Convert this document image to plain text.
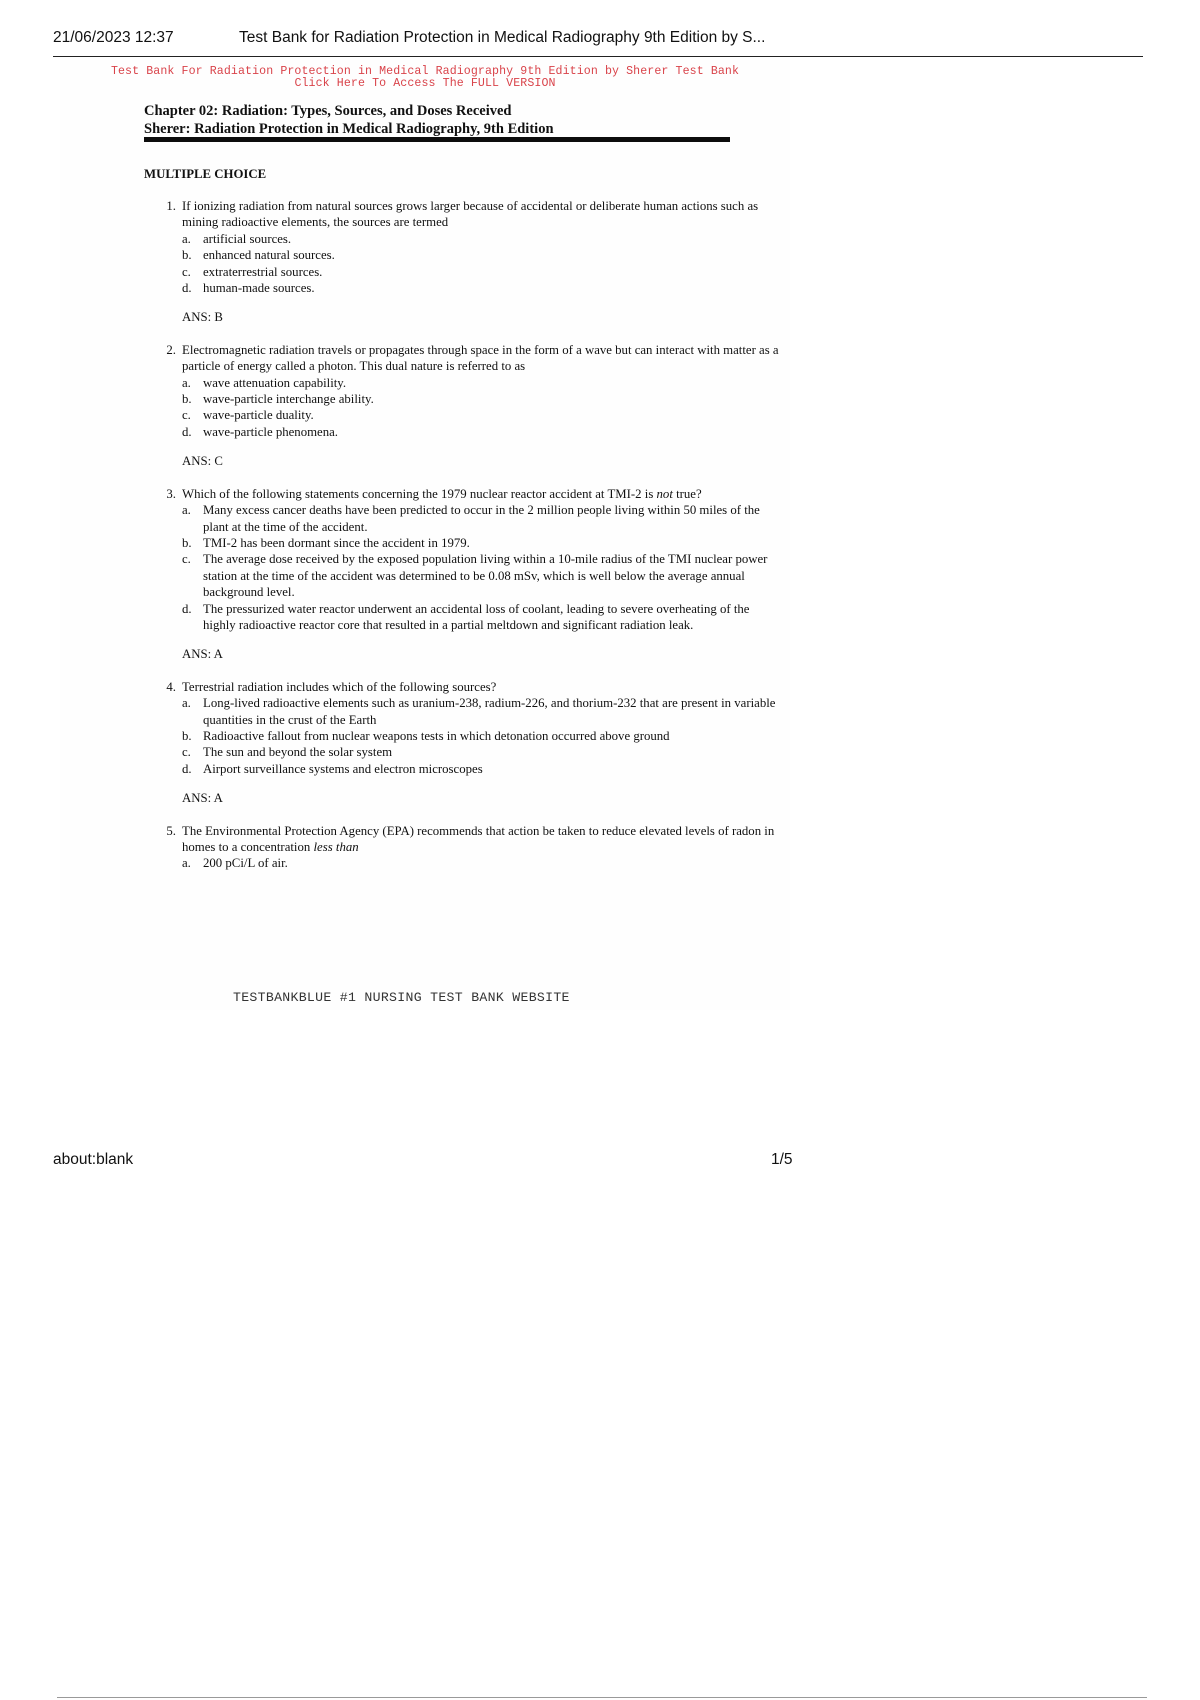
21/06/2023 12:37	Test Bank for Radiation Protection in Medical Radiography 9th Edition by S...
Test Bank For Radiation Protection in Medical Radiography 9th Edition by Sherer Test Bank
Click Here To Access The FULL VERSION
Chapter 02: Radiation: Types, Sources, and Doses Received
Sherer: Radiation Protection in Medical Radiography, 9th Edition
MULTIPLE CHOICE
1. If ionizing radiation from natural sources grows larger because of accidental or deliberate human actions such as mining radioactive elements, the sources are termed

a. artificial sources.
b. enhanced natural sources.
c. extraterrestrial sources.
d. human-made sources.
ANS: B
2. Electromagnetic radiation travels or propagates through space in the form of a wave but can interact with matter as a particle of energy called a photon. This dual nature is referred to as

a. wave attenuation capability.
b. wave-particle interchange ability.
c. wave-particle duality.
d. wave-particle phenomena.
ANS: C
3. Which of the following statements concerning the 1979 nuclear reactor accident at TMI-2 is not true?

a. Many excess cancer deaths have been predicted to occur in the 2 million people living within 50 miles of the plant at the time of the accident.
b. TMI-2 has been dormant since the accident in 1979.
c. The average dose received by the exposed population living within a 10-mile radius of the TMI nuclear power station at the time of the accident was determined to be 0.08 mSv, which is well below the average annual background level.
d. The pressurized water reactor underwent an accidental loss of coolant, leading to severe overheating of the highly radioactive reactor core that resulted in a partial meltdown and significant radiation leak.
ANS: A
4. Terrestrial radiation includes which of the following sources?

a. Long-lived radioactive elements such as uranium-238, radium-226, and thorium-232 that are present in variable quantities in the crust of the Earth
b. Radioactive fallout from nuclear weapons tests in which detonation occurred above ground
c. The sun and beyond the solar system
d. Airport surveillance systems and electron microscopes
ANS: A
5. The Environmental Protection Agency (EPA) recommends that action be taken to reduce elevated levels of radon in homes to a concentration less than

a. 200 pCi/L of air.
TESTBANKBLUE #1 NURSING TEST BANK WEBSITE
about:blank	1/5
